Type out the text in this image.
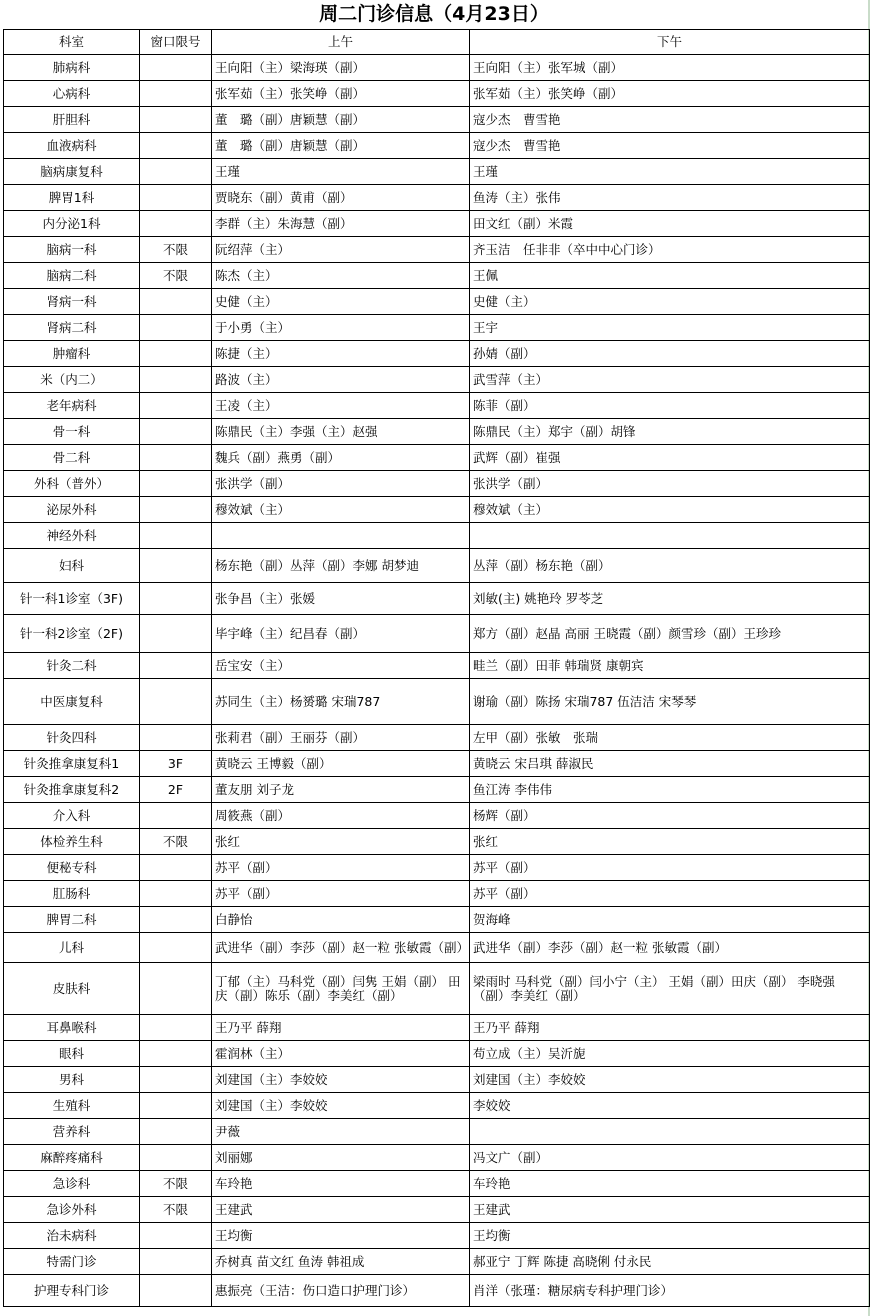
周二门诊信息（4月23日）
科室	窗口限号	上午	下午
肺病科		王向阳（主）梁海瑛（副）	王向阳（主）张军城（副）
心病科		张军茹（主）张笑峥（副）	张军茹（主）张笑峥（副）
肝胆科		董　璐（副）唐颖慧（副）	寇少杰　曹雪艳
血液病科		董　璐（副）唐颖慧（副）	寇少杰　曹雪艳
脑病康复科		王瑾	王瑾
脾胃1科		贾晓东（副）黄甫（副）	鱼涛（主）张伟
内分泌1科		李群（主）朱海慧（副）	田文红（副）米霞
脑病一科	不限	阮绍萍（主）	齐玉洁　任非非（卒中中心门诊）
脑病二科	不限	陈杰（主）	王佩
肾病一科		史健（主）	史健（主）
肾病二科		于小勇（主）	王宇
肿瘤科		陈捷（主）	孙婧（副）
米（内二）		路波（主）	武雪萍（主）
老年病科		王凌（主）	陈菲（副）
骨一科		陈鼎民（主）李强（主）赵强	陈鼎民（主）郑宇（副）胡锋
骨二科		魏兵（副）燕勇（副）	武辉（副）崔强
外科（普外）		张洪学（副）	张洪学（副）
泌尿外科		穆效斌（主）	穆效斌（主）
神经外科			
妇科		杨东艳（副）丛萍（副）李娜 胡梦迪	丛萍（副）杨东艳（副）
针一科1诊室（3F)		张争昌（主）张媛	刘敏(主) 姚艳玲 罗苓芝
针一科2诊室（2F)		毕宇峰（主）纪昌春（副）	郑方（副）赵晶 高丽 王晓霞（副）颜雪珍（副）王珍珍
针灸二科		岳宝安（主）	畦兰（副）田菲 韩瑞贤 康朝宾
中医康复科		苏同生（主）杨赟璐 宋瑞787	谢瑜（副）陈扬 宋瑞787 伍洁洁 宋琴琴
针灸四科		张莉君（副）王丽芬（副）	左甲（副）张敏　张瑞
针灸推拿康复科1	3F	黄晓云 王博毅（副）	黄晓云 宋吕琪 薛淑民
针灸推拿康复科2	2F	董友朋 刘子龙	鱼江涛 李伟伟
介入科		周筱燕（副）	杨辉（副）
体检养生科	不限	张红	张红
便秘专科		苏平（副）	苏平（副）
肛肠科		苏平（副）	苏平（副）
脾胃二科		白静怡	贺海峰
儿科		武进华（副）李莎（副）赵一粒 张敏霞（副）	武进华（副）李莎（副）赵一粒 张敏霞（副）
皮肤科		丁郁（主）马科党（副）闫隽 王娟（副） 田庆（副）陈乐（副）李美红（副）	梁雨时 马科党（副）闫小宁（主） 王娟（副）田庆（副） 李晓强（副）李美红（副）
耳鼻喉科		王乃平 薛翔	王乃平 薛翔
眼科		霍润林（主）	苟立成（主）吴沂旎
男科		刘建国（主）李姣姣	刘建国（主）李姣姣
生殖科		刘建国（主）李姣姣	李姣姣
营养科		尹薇	
麻醉疼痛科		刘丽娜	冯文广（副）
急诊科	不限	车玲艳	车玲艳
急诊外科	不限	王建武	王建武
治未病科		王均衡	王均衡
特需门诊		乔树真 苗文红 鱼涛 韩祖成	郝亚宁 丁辉 陈捷 高晓俐 付永民
护理专科门诊		惠振亮（王洁：伤口造口护理门诊）	肖洋（张瑾：糖尿病专科护理门诊）
